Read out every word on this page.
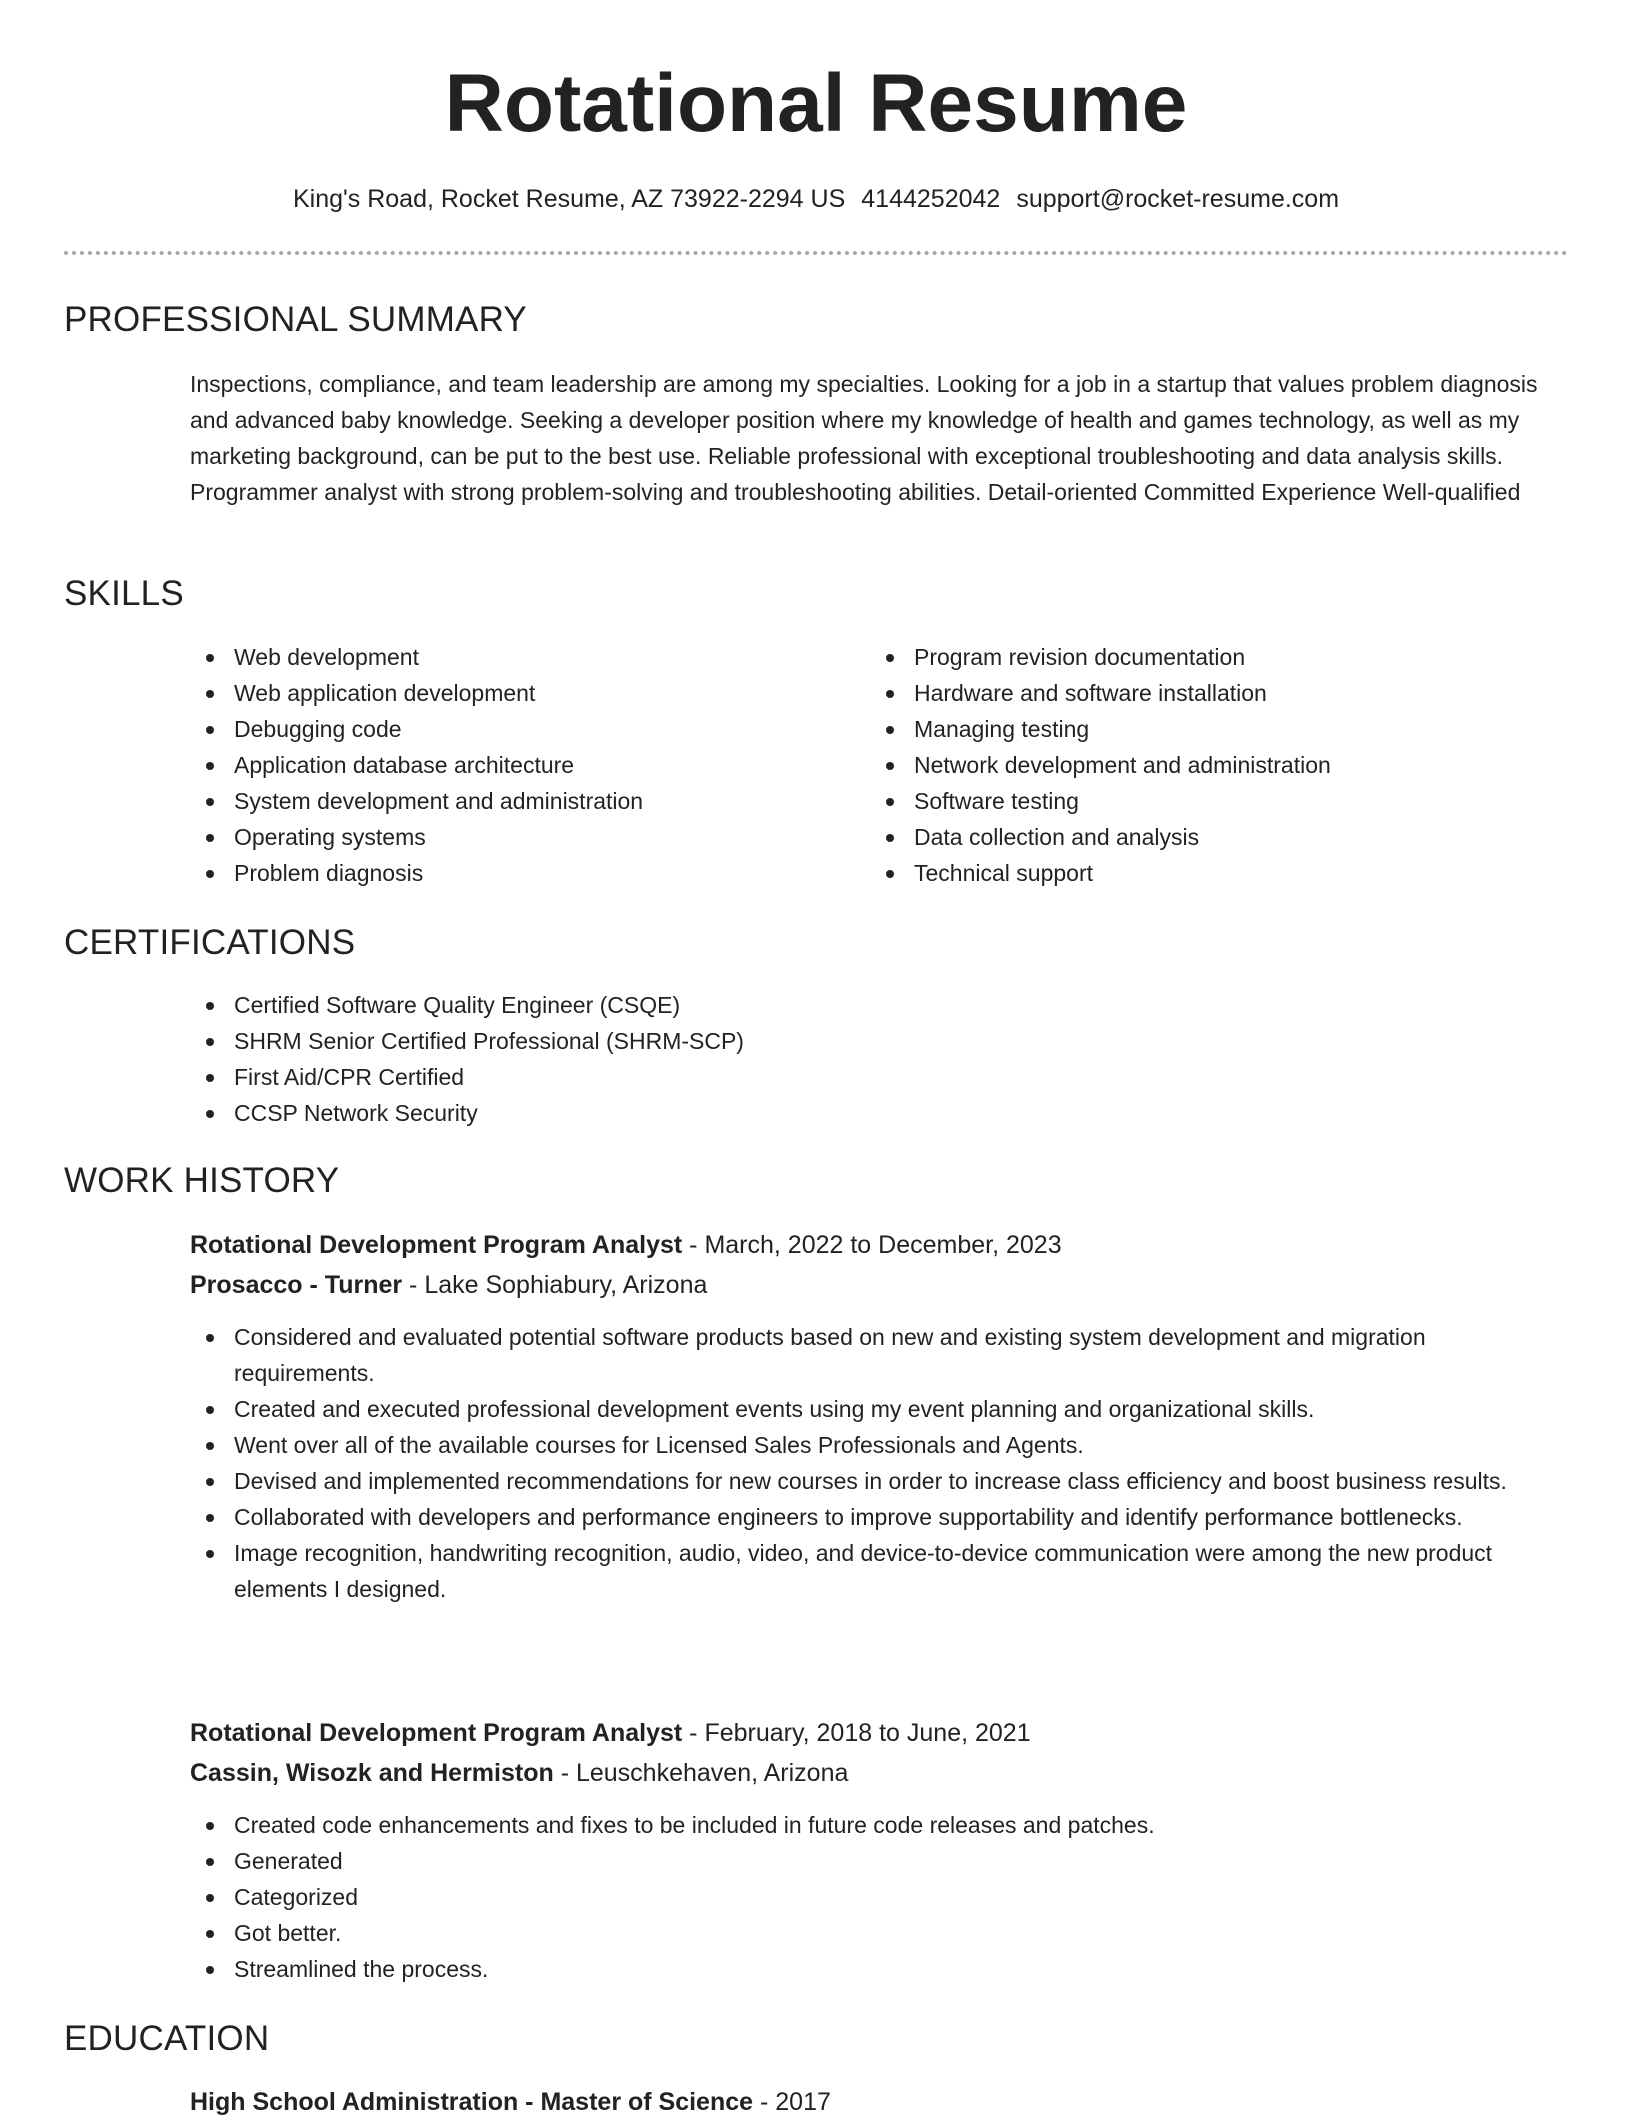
Rotational Resume
King's Road, Rocket Resume, AZ 73922-2294 US 4144252042 support@rocket-resume.com
PROFESSIONAL SUMMARY

Inspections, compliance, and team leadership are among my specialties. Looking for a job in a startup that values problem diagnosis and advanced baby knowledge. Seeking a developer position where my knowledge of health and games technology, as well as my marketing background, can be put to the best use. Reliable professional with exceptional troubleshooting and data analysis skills. Programmer analyst with strong problem-solving and troubleshooting abilities. Detail-oriented Committed Experience Well-qualified

SKILLS
Web development
Web application development
Debugging code
Application database architecture
System development and administration
Operating systems
Problem diagnosis
Program revision documentation
Hardware and software installation
Managing testing
Network development and administration
Software testing
Data collection and analysis
Technical support
CERTIFICATIONS
Certified Software Quality Engineer (CSQE)
SHRM Senior Certified Professional (SHRM-SCP)
First Aid/CPR Certified
CCSP Network Security
WORK HISTORY
Rotational Development Program Analyst - March, 2022 to December, 2023
Prosacco - Turner - Lake Sophiabury, Arizona
Considered and evaluated potential software products based on new and existing system development and migration requirements.
Created and executed professional development events using my event planning and organizational skills.
Went over all of the available courses for Licensed Sales Professionals and Agents.
Devised and implemented recommendations for new courses in order to increase class efficiency and boost business results.
Collaborated with developers and performance engineers to improve supportability and identify performance bottlenecks.
Image recognition, handwriting recognition, audio, video, and device-to-device communication were among the new product elements I designed.
Rotational Development Program Analyst - February, 2018 to June, 2021
Cassin, Wisozk and Hermiston - Leuschkehaven, Arizona
Created code enhancements and fixes to be included in future code releases and patches.
Generated
Categorized
Got better.
Streamlined the process.
EDUCATION
High School Administration - Master of Science - 2017
